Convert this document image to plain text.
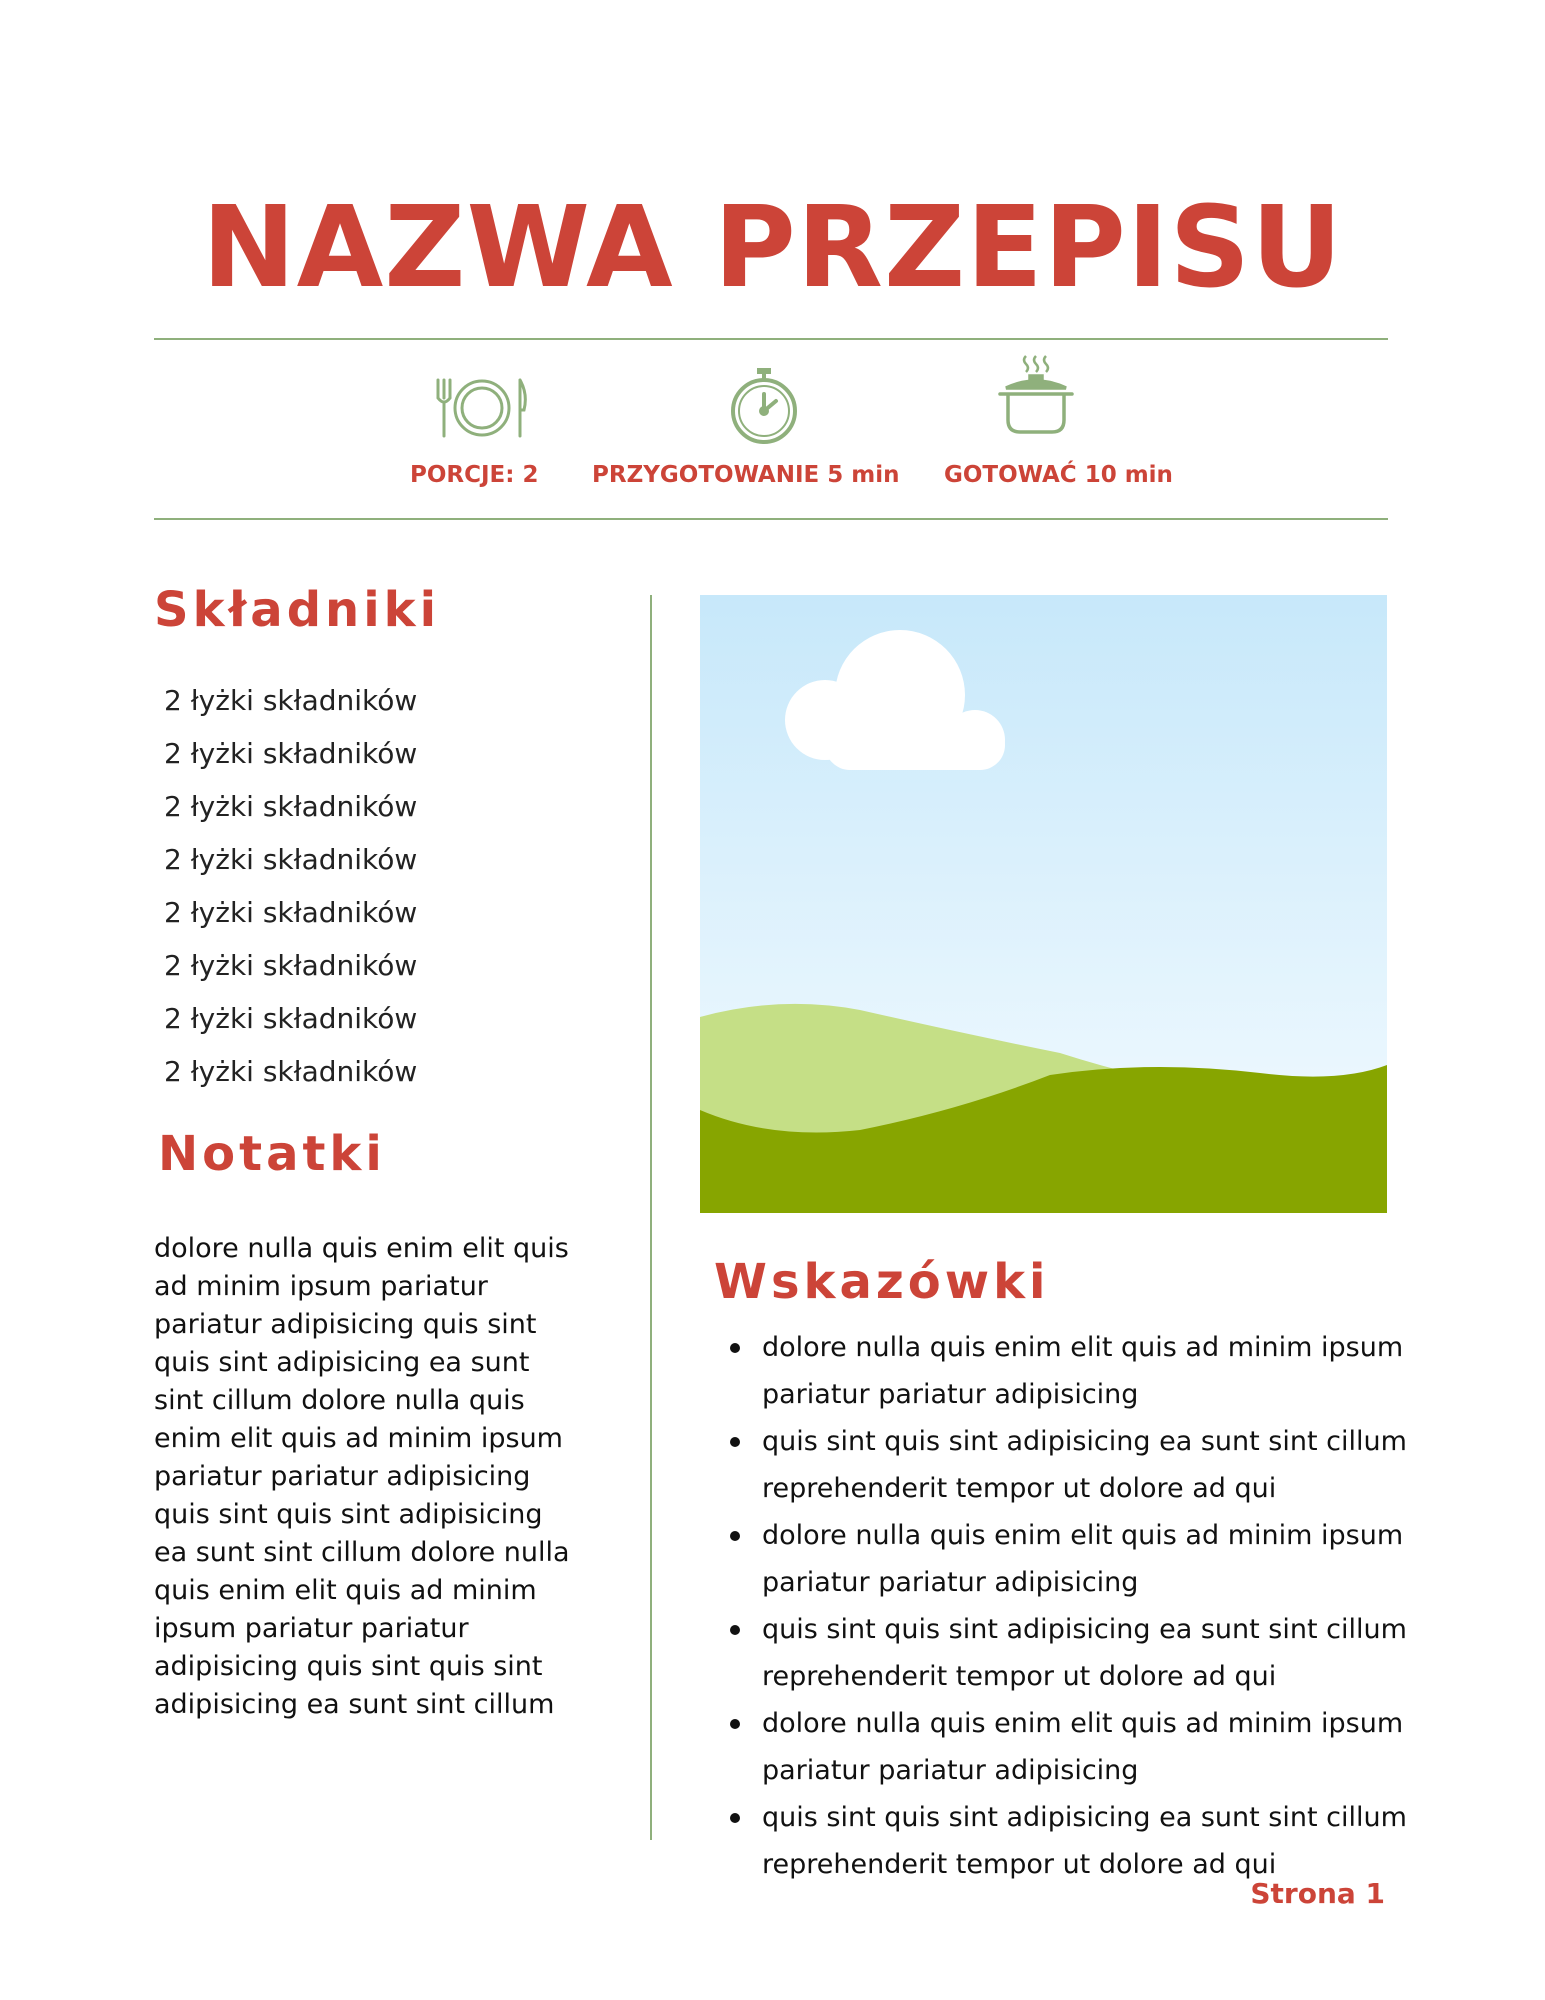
NAZWA PRZEPISU
PORCJE: 2 PRZYGOTOWANIE 5 min GOTOWAĆ 10 min
Składniki
2 łyżki składników
2 łyżki składników
2 łyżki składników
2 łyżki składników
2 łyżki składników
2 łyżki składników
2 łyżki składników
2 łyżki składników
Notatki
dolore nulla quis enim elit quis ad minim ipsum pariatur pariatur adipisicing quis sint quis sint adipisicing ea sunt sint cillum dolore nulla quis enim elit quis ad minim ipsum pariatur pariatur adipisicing quis sint quis sint adipisicing ea sunt sint cillum dolore nulla quis enim elit quis ad minim ipsum pariatur pariatur adipisicing quis sint quis sint adipisicing ea sunt sint cillum
Wskazówki
dolore nulla quis enim elit quis ad minim ipsum pariatur pariatur adipisicing
quis sint quis sint adipisicing ea sunt sint cillum reprehenderit tempor ut dolore ad qui
dolore nulla quis enim elit quis ad minim ipsum pariatur pariatur adipisicing
quis sint quis sint adipisicing ea sunt sint cillum reprehenderit tempor ut dolore ad qui
dolore nulla quis enim elit quis ad minim ipsum pariatur pariatur adipisicing
quis sint quis sint adipisicing ea sunt sint cillum reprehenderit tempor ut dolore ad qui
Strona 1
